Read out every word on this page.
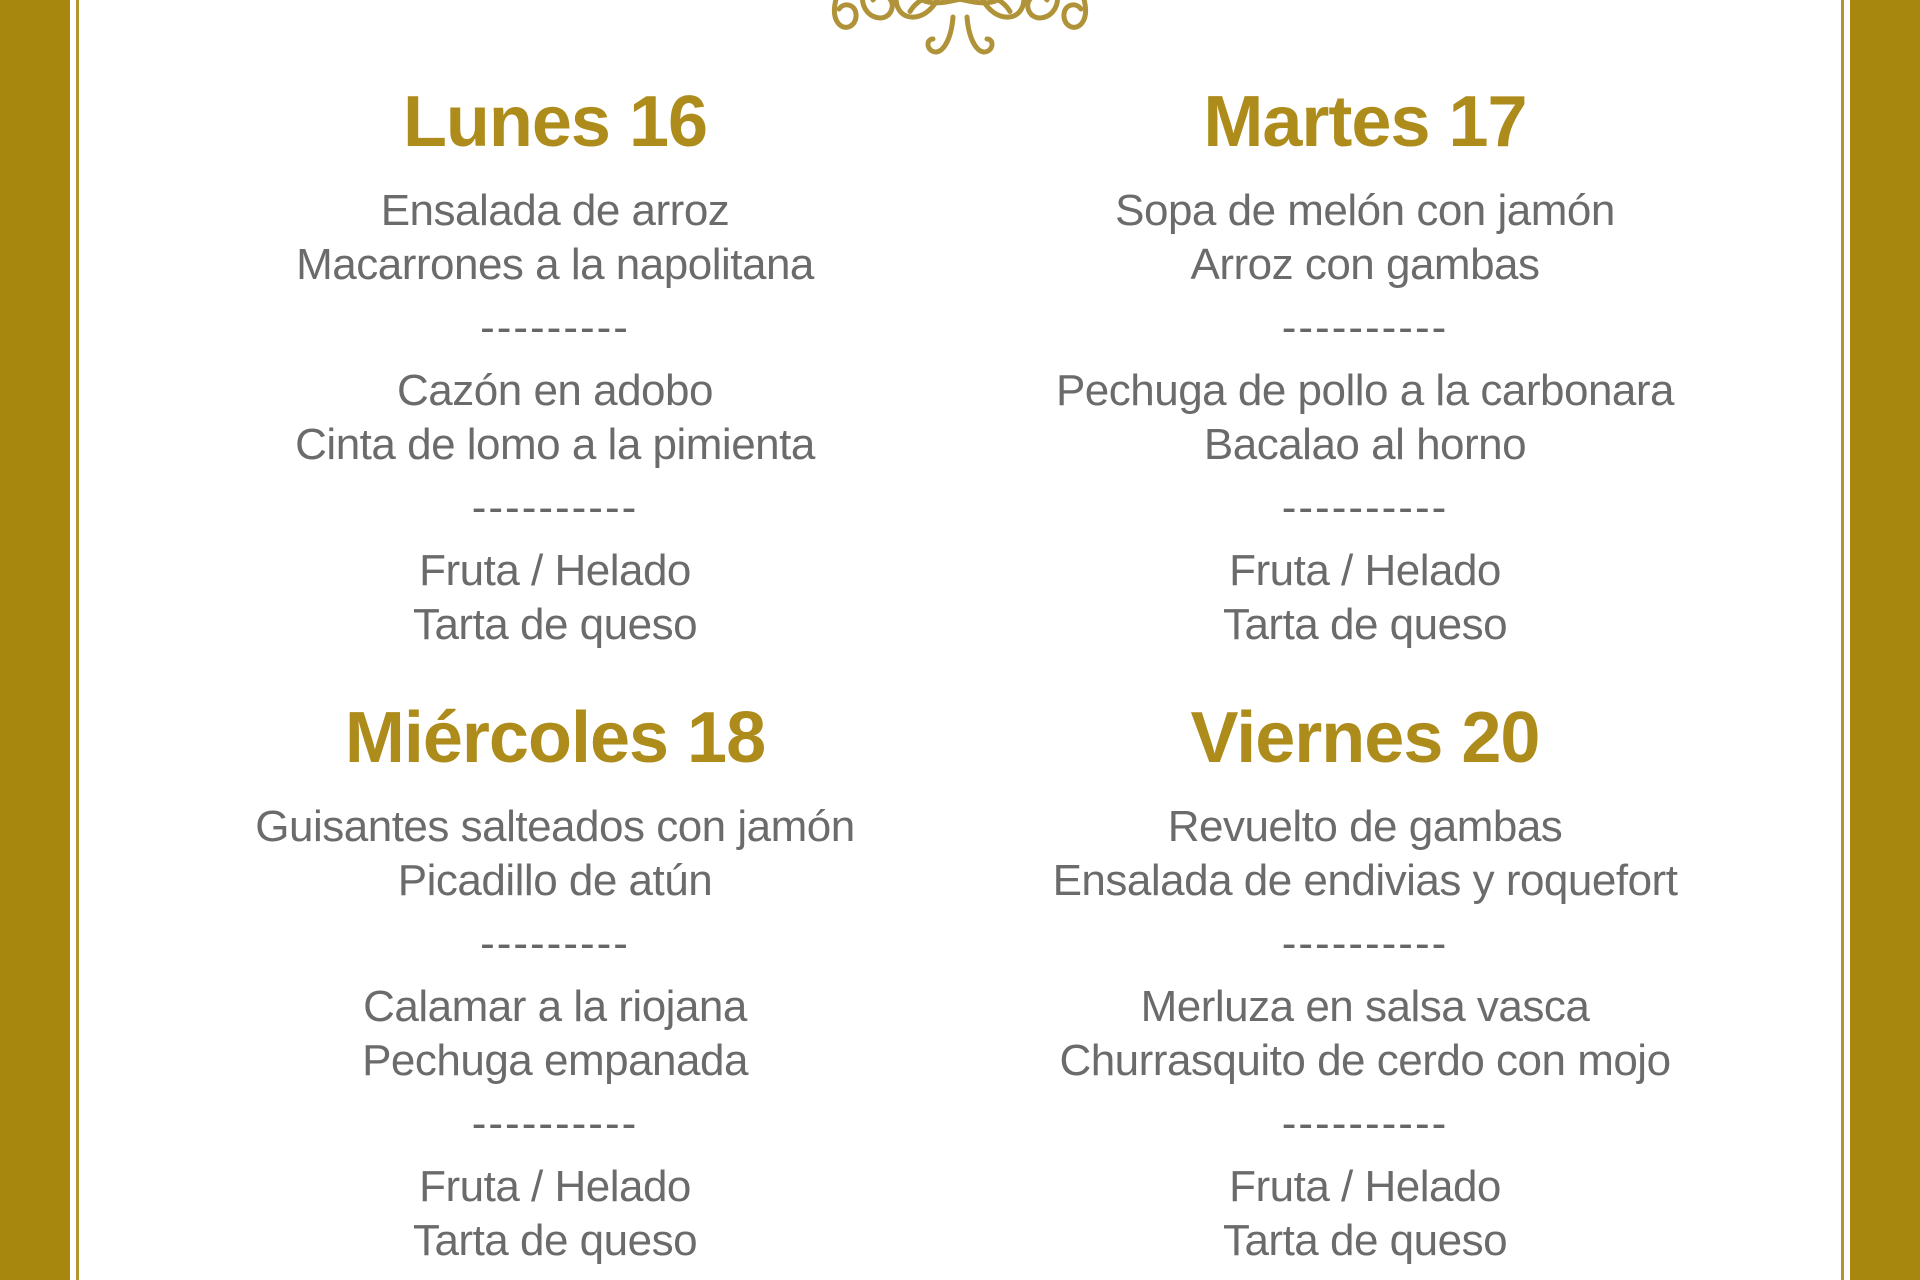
Lunes 16
Ensalada de arroz
Macarrones a la napolitana
---------
Cazón en adobo
Cinta de lomo a la pimienta
----------
Fruta / Helado
Tarta de queso
Martes 17
Sopa de melón con jamón
Arroz con gambas
----------
Pechuga de pollo a la carbonara
Bacalao al horno
----------
Fruta / Helado
Tarta de queso
Miércoles 18
Guisantes salteados con jamón
Picadillo de atún
---------
Calamar a la riojana
Pechuga empanada
----------
Fruta / Helado
Tarta de queso
Viernes 20
Revuelto de gambas
Ensalada de endivias y roquefort
----------
Merluza en salsa vasca
Churrasquito de cerdo con mojo
----------
Fruta / Helado
Tarta de queso
